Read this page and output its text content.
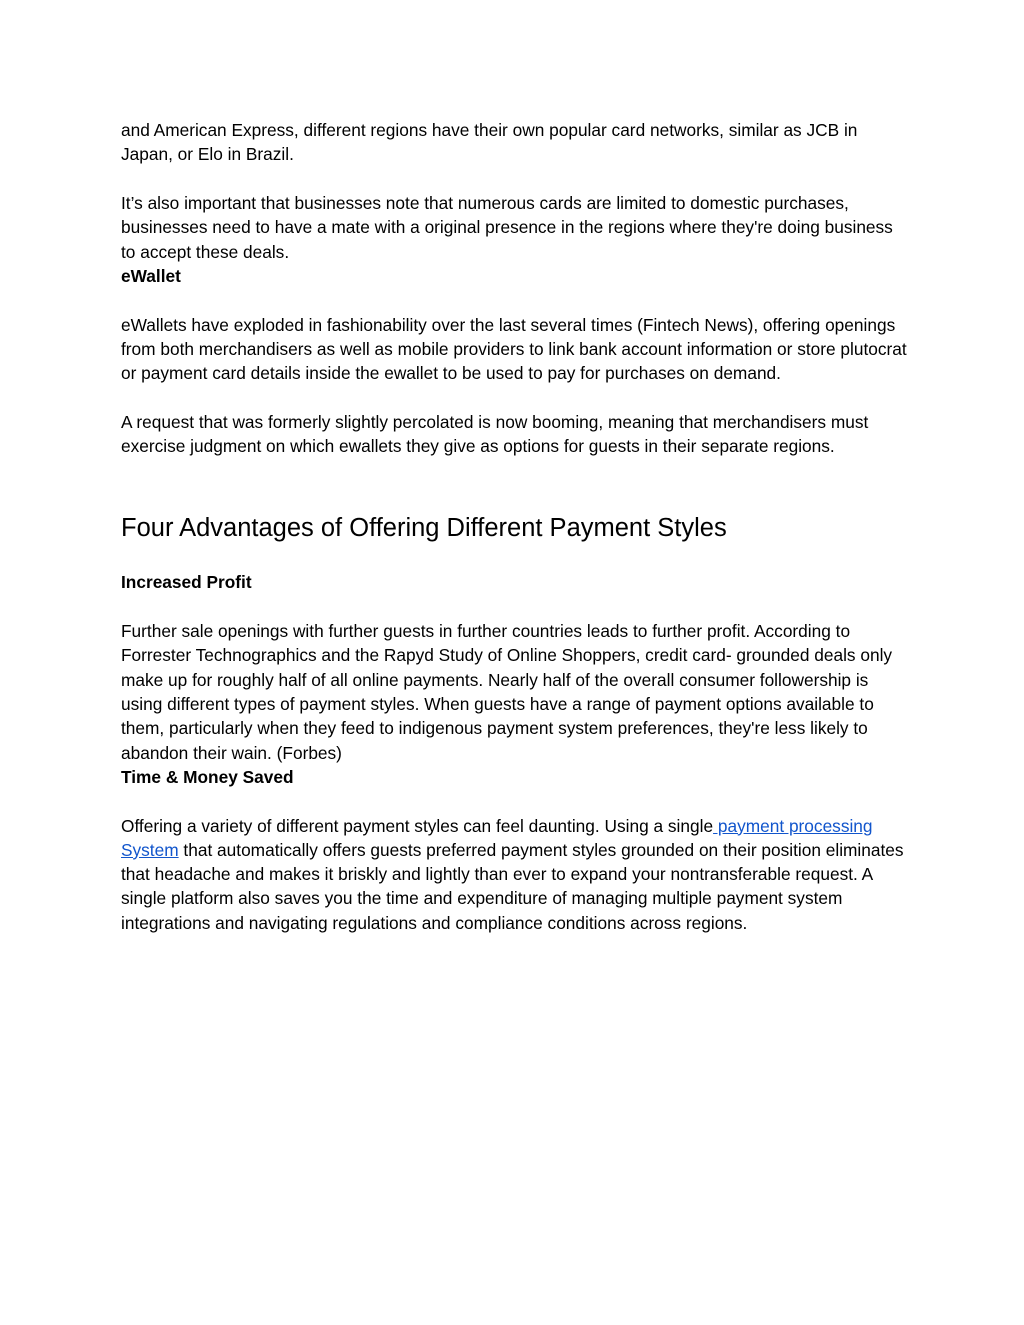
and American Express, different regions have their own popular card networks, similar as JCB in Japan, or Elo in Brazil.

It’s also important that businesses note that numerous cards are limited to domestic purchases, businesses need to have a mate with a original presence in the regions where they're doing business to accept these deals.

eWallet

eWallets have exploded in fashionability over the last several times (Fintech News), offering openings from both merchandisers as well as mobile providers to link bank account information or store plutocrat or payment card details inside the ewallet to be used to pay for purchases on demand.

A request that was formerly slightly percolated is now booming, meaning that merchandisers must exercise judgment on which ewallets they give as options for guests in their separate regions.

Four Advantages of Offering Different Payment Styles

Increased Profit

Further sale openings with further guests in further countries leads to further profit. According to Forrester Technographics and the Rapyd Study of Online Shoppers, credit card- grounded deals only make up for roughly half of all online payments. Nearly half of the overall consumer followership is using different types of payment styles. When guests have a range of payment options available to them, particularly when they feed to indigenous payment system preferences, they're less likely to abandon their wain. (Forbes)

Time & Money Saved

Offering a variety of different payment styles can feel daunting. Using a single payment processing System that automatically offers guests preferred payment styles grounded on their position eliminates that headache and makes it briskly and lightly than ever to expand your nontransferable request. A single platform also saves you the time and expenditure of managing multiple payment system integrations and navigating regulations and compliance conditions across regions.
